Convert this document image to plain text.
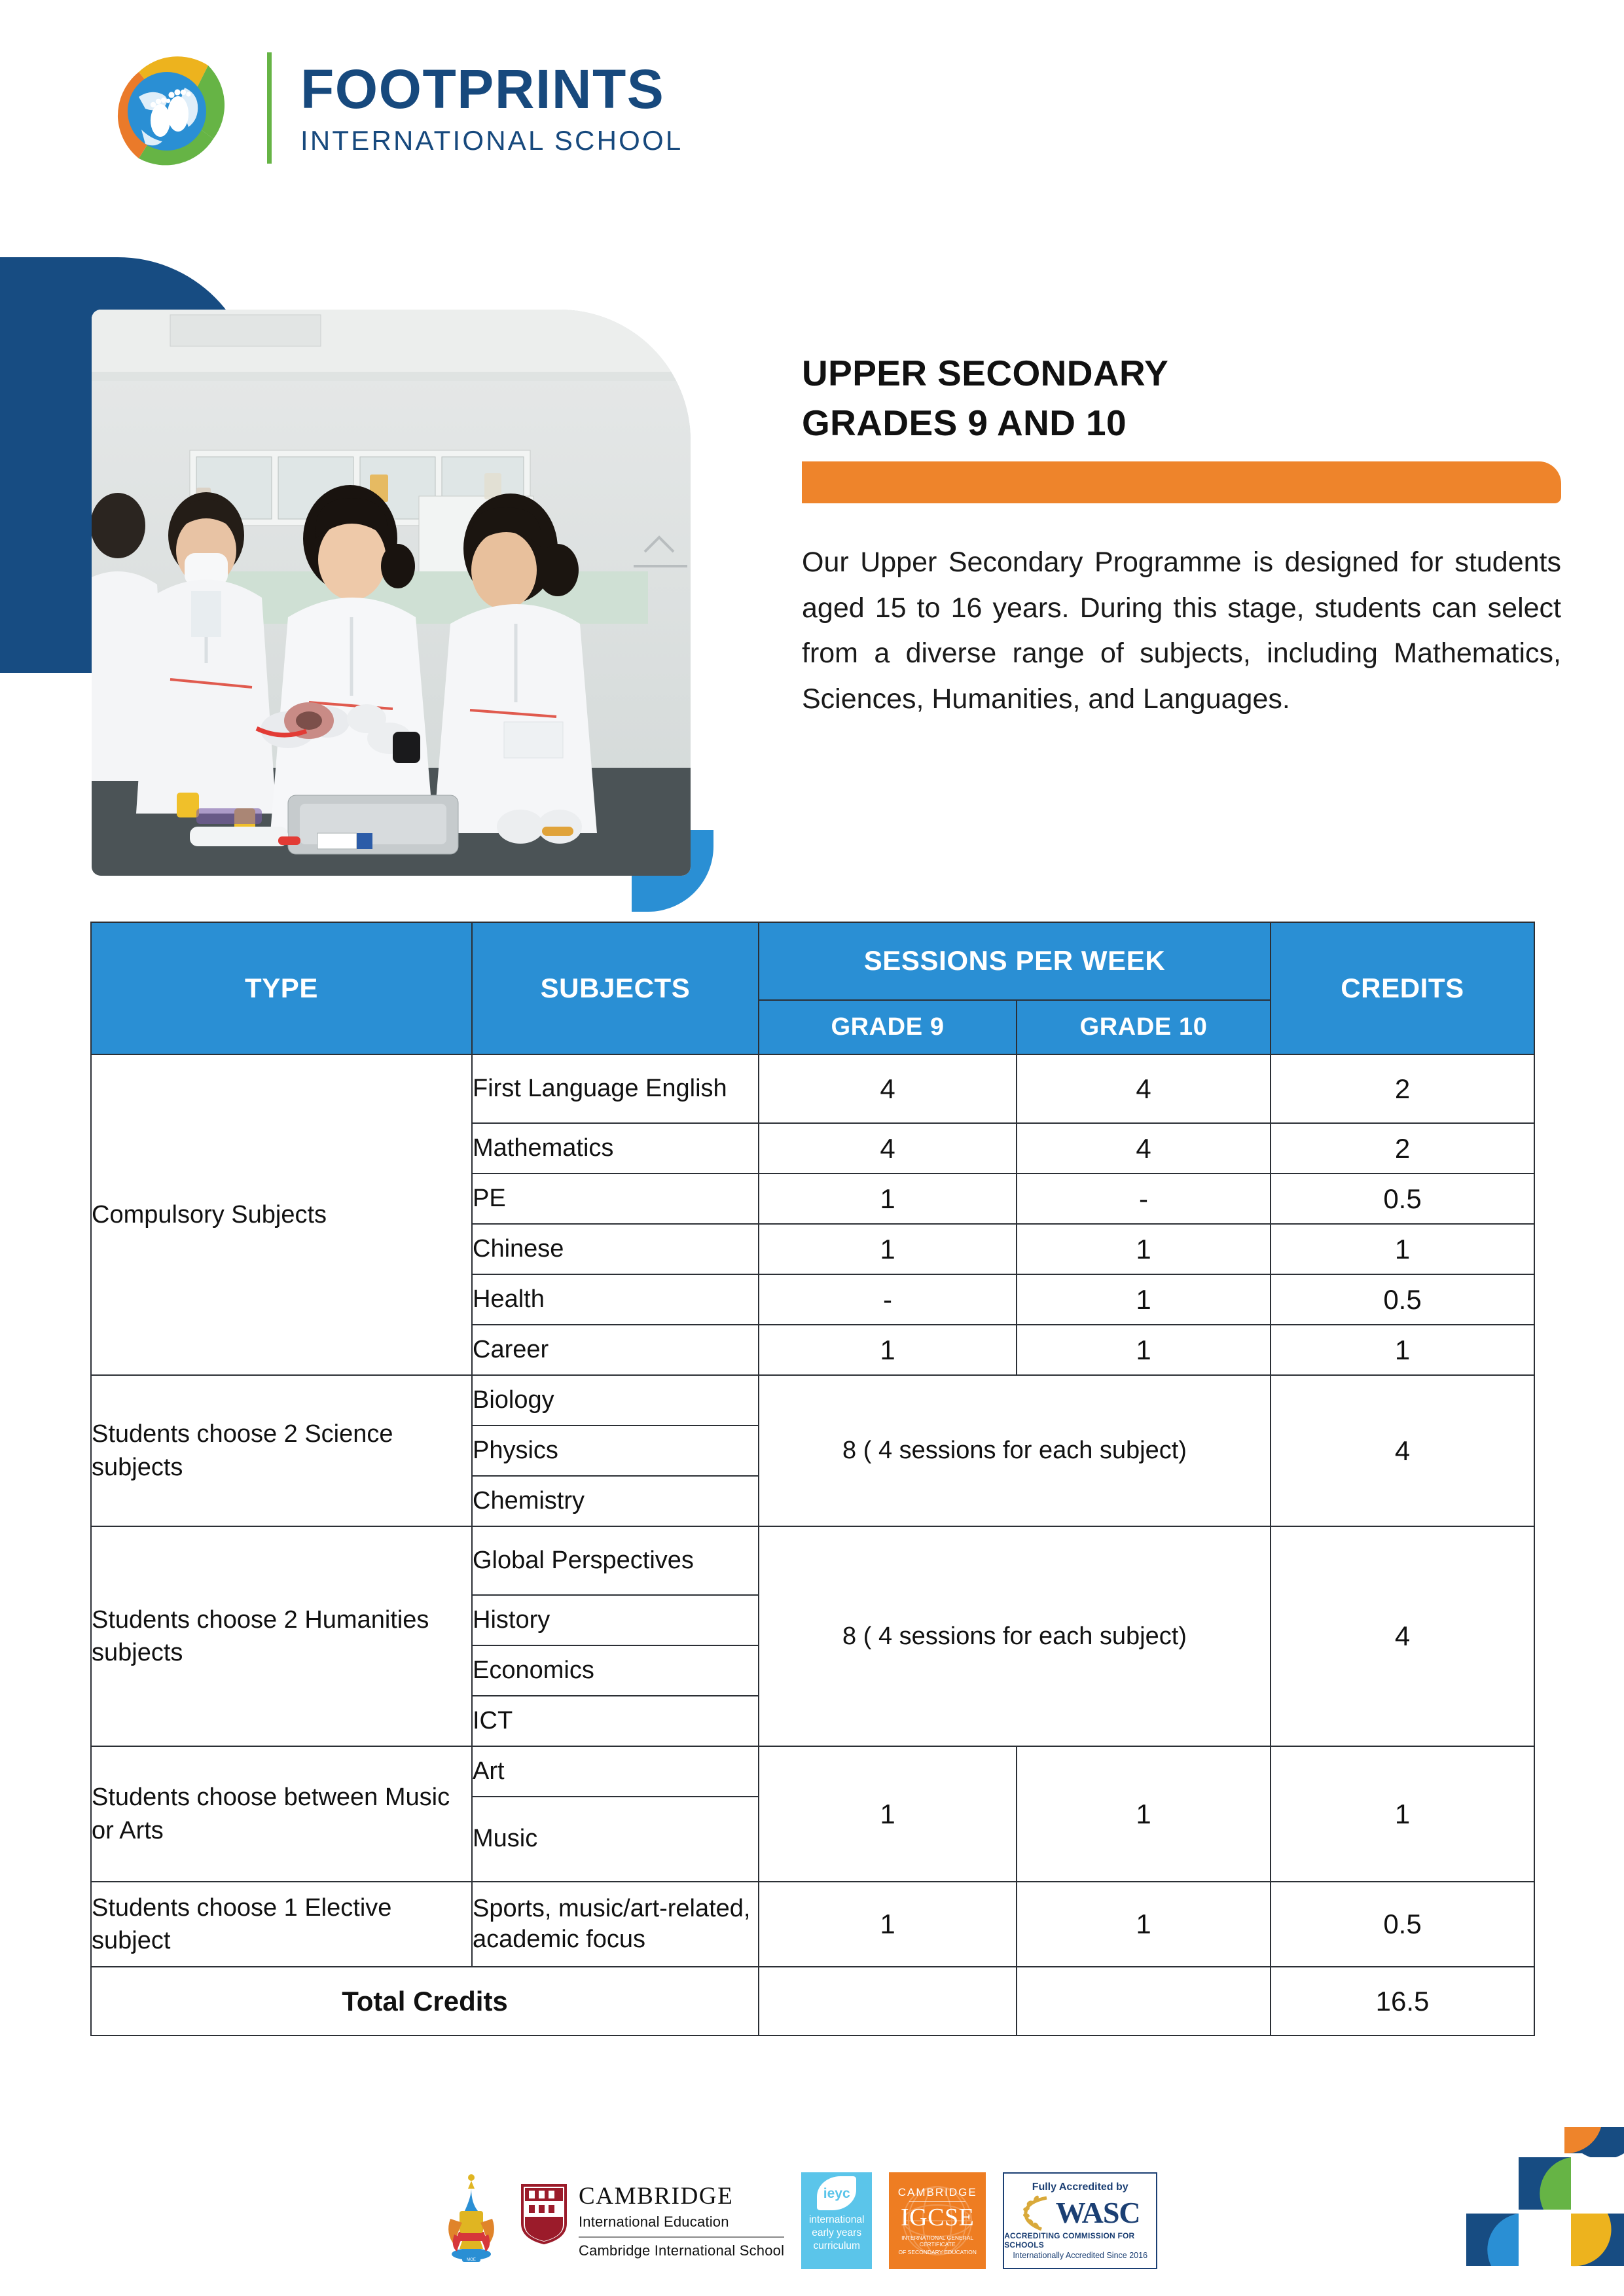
FOOTPRINTS
INTERNATIONAL SCHOOL
UPPER SECONDARY
GRADES 9 AND 10
Our Upper Secondary Programme is designed for students aged 15 to 16 years. During this stage, students can select from a diverse range of subjects, including Mathematics, Sciences, Humanities, and Languages.
TYPE	SUBJECTS	SESSIONS PER WEEK		CREDITS
		GRADE 9	GRADE 10	
Compulsory Subjects	First Language English	4	4	2
	Mathematics	4	4	2
	PE	1	-	0.5
	Chinese	1	1	1
	Health	-	1	0.5
	Career	1	1	1
Students choose 2 Science subjects	Biology	8 ( 4 sessions for each subject)		4
	Physics			
	Chemistry			
Students choose 2 Humanities subjects	Global Perspectives	8 ( 4 sessions for each subject)		4
	History			
	Economics			
	ICT			
Students choose between Music or Arts	Art	1	1	1
	Music			
Students choose 1 Elective subject	Sports, music/art-related, academic focus	1	1	0.5
Total Credits				16.5
MOE
CAMBRIDGE
International Education
Cambridge International School
ieyc
international
early years
curriculum
CAMBRIDGE
IGCSE
INTERNATIONAL GENERAL CERTIFICATE
OF SECONDARY EDUCATION
Fully Accredited by
WASC
ACCREDITING COMMISSION FOR SCHOOLS
Internationally Accredited Since 2016
